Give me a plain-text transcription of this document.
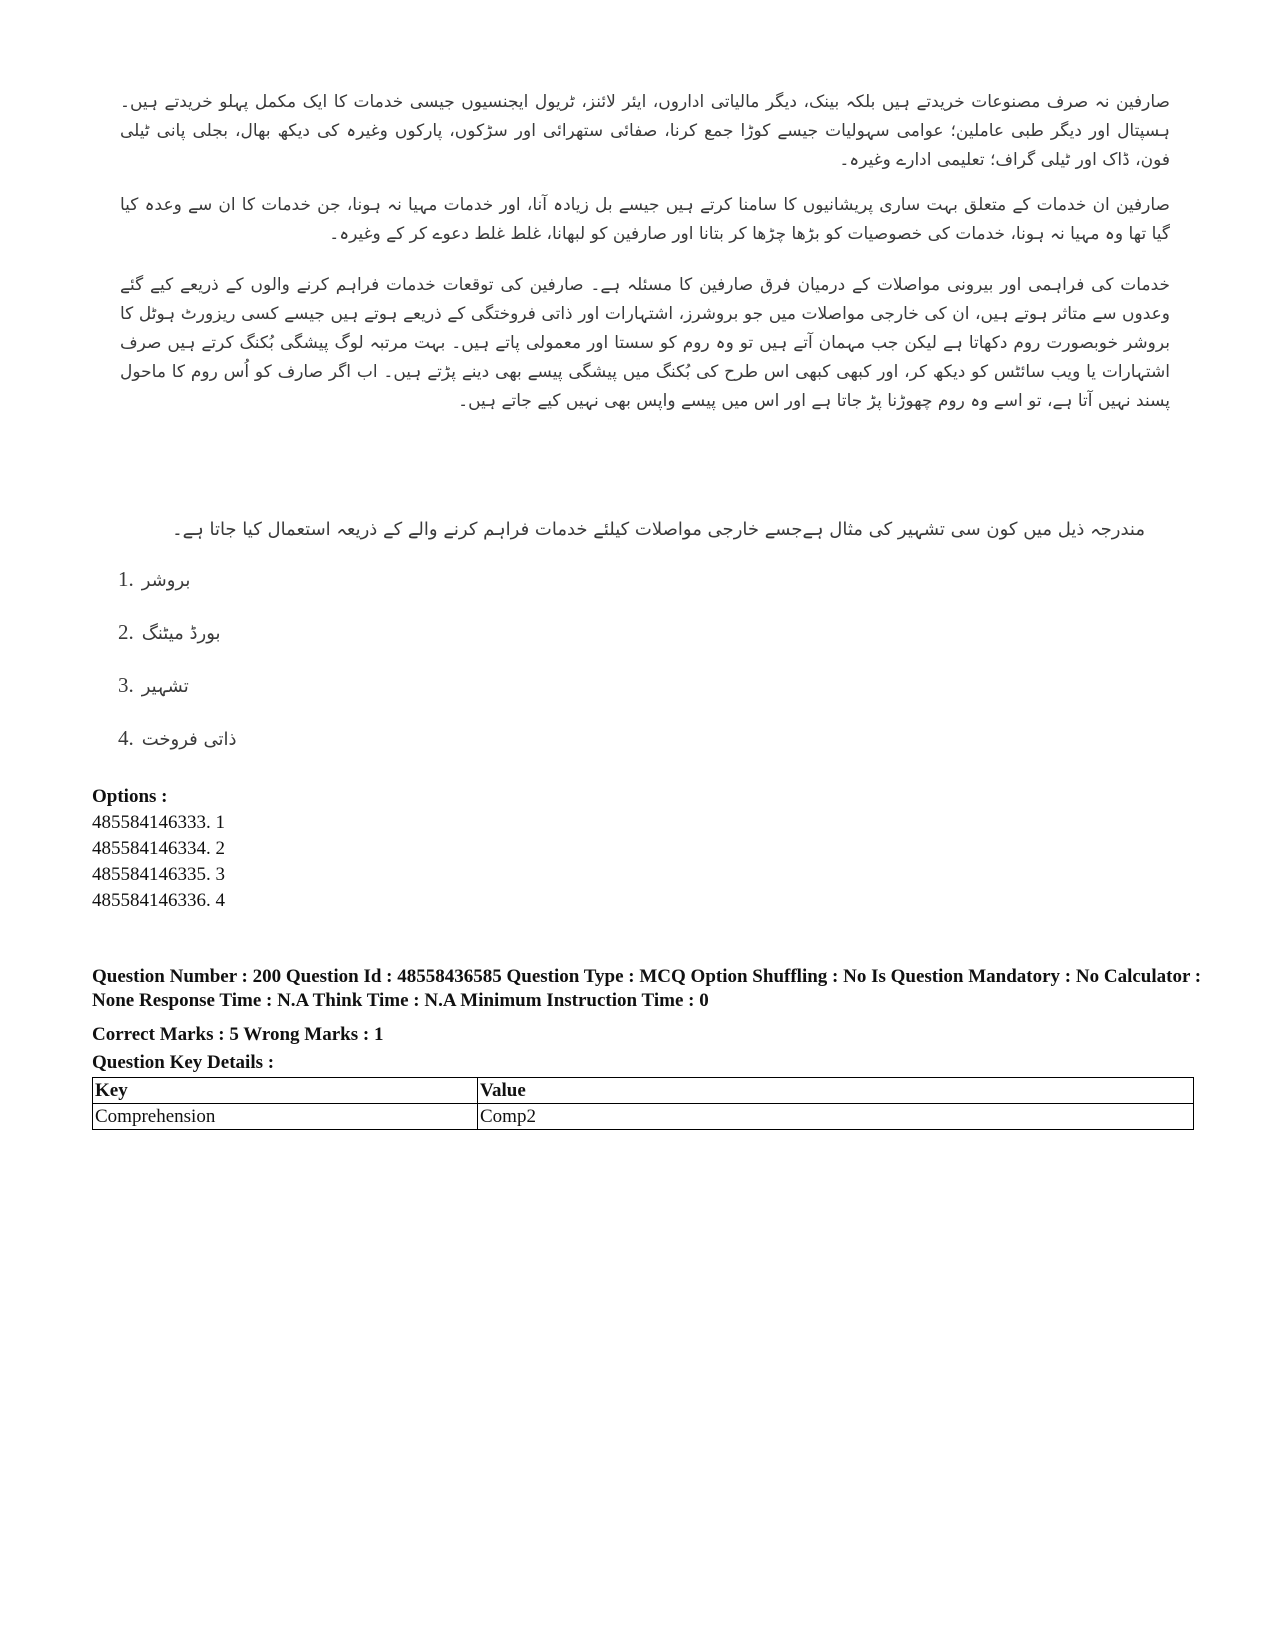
صارفین نہ صرف مصنوعات خریدتے ہیں بلکہ بینک، دیگر مالیاتی اداروں، ایئر لائنز، ٹریول ایجنسیوں جیسی خدمات کا ایک مکمل پہلو خریدتے ہیں۔ ہسپتال اور دیگر طبی عاملین؛ عوامی سہولیات جیسے کوڑا جمع کرنا، صفائی ستھرائی اور سڑکوں، پارکوں وغیرہ کی دیکھ بھال، بجلی پانی ٹیلی فون، ڈاک اور ٹیلی گراف؛ تعلیمی ادارے وغیرہ۔
صارفین ان خدمات کے متعلق بہت ساری پریشانیوں کا سامنا کرتے ہیں جیسے بل زیادہ آنا، اور خدمات مہیا نہ ہونا، جن خدمات کا ان سے وعدہ کیا گیا تھا وہ مہیا نہ ہونا، خدمات کی خصوصیات کو بڑھا چڑھا کر بتانا اور صارفین کو لبھانا، غلط غلط دعوے کر کے وغیرہ۔
خدمات کی فراہمی اور بیرونی مواصلات کے درمیان فرق صارفین کا مسئلہ ہے۔ صارفین کی توقعات خدمات فراہم کرنے والوں کے ذریعے کیے گئے وعدوں سے متاثر ہوتے ہیں، ان کی خارجی مواصلات میں جو بروشرز، اشتہارات اور ذاتی فروختگی کے ذریعے ہوتے ہیں جیسے کسی ریزورٹ ہوٹل کا بروشر خوبصورت روم دکھاتا ہے لیکن جب مہمان آتے ہیں تو وہ روم کو سستا اور معمولی پاتے ہیں۔ بہت مرتبہ لوگ پیشگی بُکنگ کرتے ہیں صرف اشتہارات یا ویب سائٹس کو دیکھ کر، اور کبھی کبھی اس طرح کی بُکنگ میں پیشگی پیسے بھی دینے پڑتے ہیں۔ اب اگر صارف کو اُس روم کا ماحول پسند نہیں آتا ہے، تو اسے وہ روم چھوڑنا پڑ جاتا ہے اور اس میں پیسے واپس بھی نہیں کیے جاتے ہیں۔
مندرجہ ذیل میں کون سی تشہیر کی مثال ہےجسے خارجی مواصلات کیلئے خدمات فراہم کرنے والے کے ذریعہ استعمال کیا جاتا ہے۔
1. بروشر
2. بورڈ میٹنگ
3. تشہیر
4. ذاتی فروخت
Options :
485584146333. 1
485584146334. 2
485584146335. 3
485584146336. 4
Question Number : 200 Question Id : 48558436585 Question Type : MCQ Option Shuffling : No Is Question Mandatory : No Calculator : None Response Time : N.A Think Time : N.A Minimum Instruction Time : 0
Correct Marks : 5 Wrong Marks : 1
Question Key Details :
Key	Value
Comprehension	Comp2
